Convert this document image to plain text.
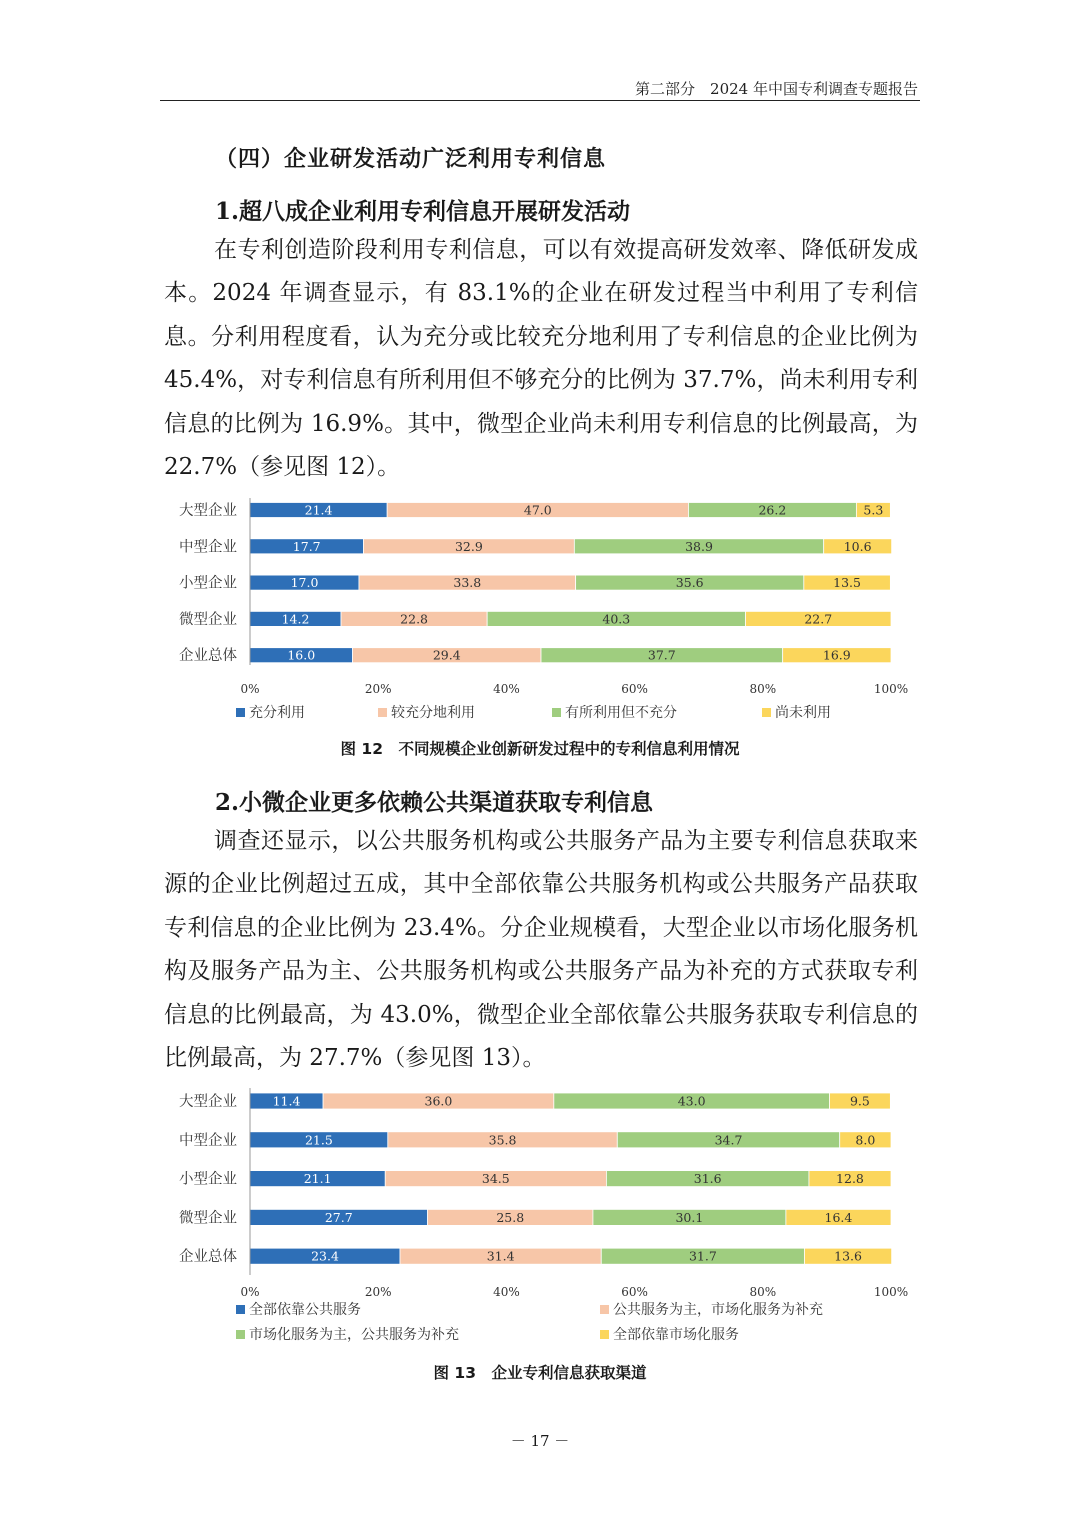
第二部分　2024 年中国专利调查专题报告
（四）企业研发活动广泛利用专利信息
1.超八成企业利用专利信息开展研发活动

在专利创造阶段利用专利信息，可以有效提高研发效率、降低研发成本。2024 年调查显示，有 83.1%的企业在研发过程当中利用了专利信息。分利用程度看，认为充分或比较充分地利用了专利信息的企业比例为 45.4%，对专利信息有所利用但不够充分的比例为 37.7%，尚未利用专利信息的比例为 16.9%。其中，微型企业尚未利用专利信息的比例最高，为 22.7%（参见图 12）。

大型企业	21.4	47.0	26.2	5.3
中型企业	17.7	32.9	38.9	10.6
小型企业	17.0	33.8	35.6	13.5
微型企业	14.2	22.8	40.3	22.7
企业总体	16.0	29.4	37.7	16.9
0%	20%	40%	60%	80%	100%
充分利用	较充分地利用	有所利用但不充分	尚未利用
图 12　不同规模企业创新研发过程中的专利信息利用情况
2.小微企业更多依赖公共渠道获取专利信息

调查还显示，以公共服务机构或公共服务产品为主要专利信息获取来源的企业比例超过五成，其中全部依靠公共服务机构或公共服务产品获取专利信息的企业比例为 23.4%。分企业规模看，大型企业以市场化服务机构及服务产品为主、公共服务机构或公共服务产品为补充的方式获取专利信息的比例最高，为 43.0%，微型企业全部依靠公共服务获取专利信息的比例最高，为 27.7%（参见图 13）。

大型企业	11.4	36.0	43.0	9.5
中型企业	21.5	35.8	34.7	8.0
小型企业	21.1	34.5	31.6	12.8
微型企业	27.7	25.8	30.1	16.4
企业总体	23.4	31.4	31.7	13.6
0%	20%	40%	60%	80%	100%
全部依靠公共服务	公共服务为主，市场化服务为补充
市场化服务为主，公共服务为补充	全部依靠市场化服务
图 13　企业专利信息获取渠道
－ 17 －
